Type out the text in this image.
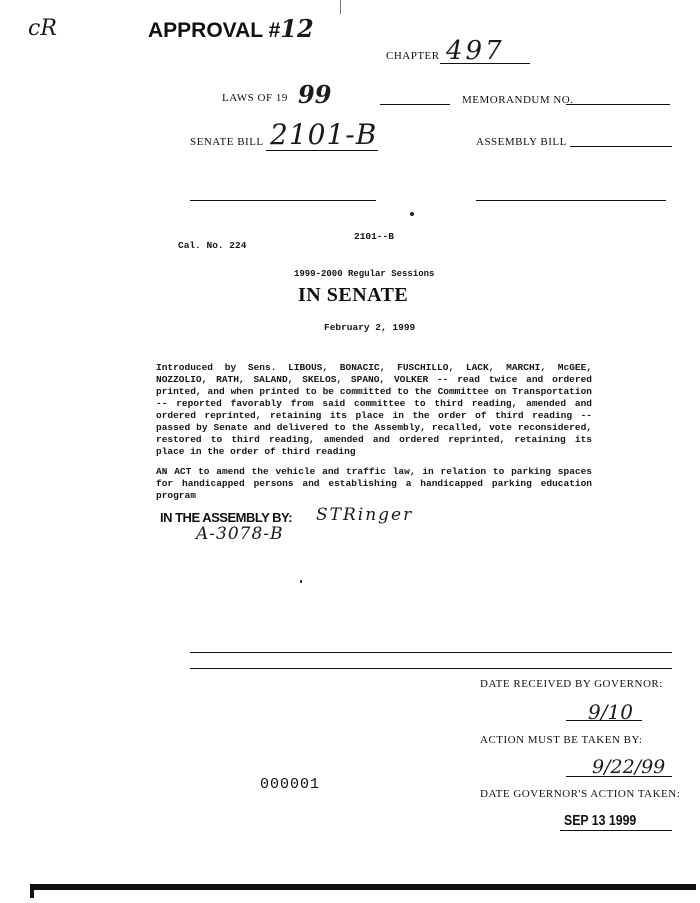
cR	APPROVAL #12
CHAPTER 497
LAWS OF 19 99	MEMORANDUM NO.
SENATE BILL 2101-B	ASSEMBLY BILL
2101--B
Cal. No. 224
1999-2000 Regular Sessions
IN SENATE
February 2, 1999
Introduced by Sens. LIBOUS, BONACIC, FUSCHILLO, LACK, MARCHI, McGEE, NOZZOLIO, RATH, SALAND, SKELOS, SPANO, VOLKER -- read twice and ordered printed, and when printed to be committed to the Committee on Transportation -- reported favorably from said committee to third reading, amended and ordered reprinted, retaining its place in the order of third reading -- passed by Senate and delivered to the Assembly, recalled, vote reconsidered, restored to third reading, amended and ordered reprinted, retaining its place in the order of third reading
AN ACT to amend the vehicle and traffic law, in relation to parking spaces for handicapped persons and establishing a handicapped parking education program
IN THE ASSEMBLY BY: STRinger
A-3078-B
DATE RECEIVED BY GOVERNOR:
9/10
ACTION MUST BE TAKEN BY:
9/22/99
000001
DATE GOVERNOR'S ACTION TAKEN:
SEP 13 1999
